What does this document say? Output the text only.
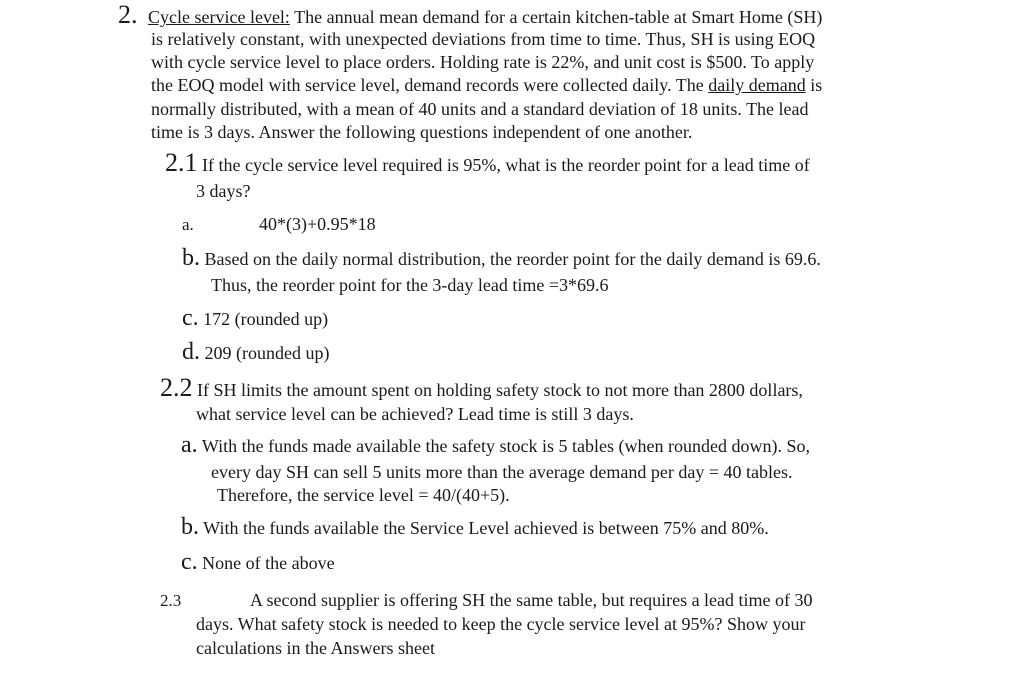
2. Cycle service level: The annual mean demand for a certain kitchen-table at Smart Home (SH)
is relatively constant, with unexpected deviations from time to time. Thus, SH is using EOQ
with cycle service level to place orders. Holding rate is 22%, and unit cost is $500. To apply
the EOQ model with service level, demand records were collected daily. The daily demand is
normally distributed, with a mean of 40 units and a standard deviation of 18 units. The lead
time is 3 days. Answer the following questions independent of one another.
2.1 If the cycle service level required is 95%, what is the reorder point for a lead time of
3 days?
a.	40*(3)+0.95*18
b. Based on the daily normal distribution, the reorder point for the daily demand is 69.6.
Thus, the reorder point for the 3-day lead time =3*69.6
c. 172 (rounded up)
d. 209 (rounded up)
2.2 If SH limits the amount spent on holding safety stock to not more than 2800 dollars,
what service level can be achieved? Lead time is still 3 days.
a. With the funds made available the safety stock is 5 tables (when rounded down). So,
every day SH can sell 5 units more than the average demand per day = 40 tables.
Therefore, the service level = 40/(40+5).
b. With the funds available the Service Level achieved is between 75% and 80%.
c. None of the above
2.3	A second supplier is offering SH the same table, but requires a lead time of 30
days. What safety stock is needed to keep the cycle service level at 95%? Show your
calculations in the Answers sheet
